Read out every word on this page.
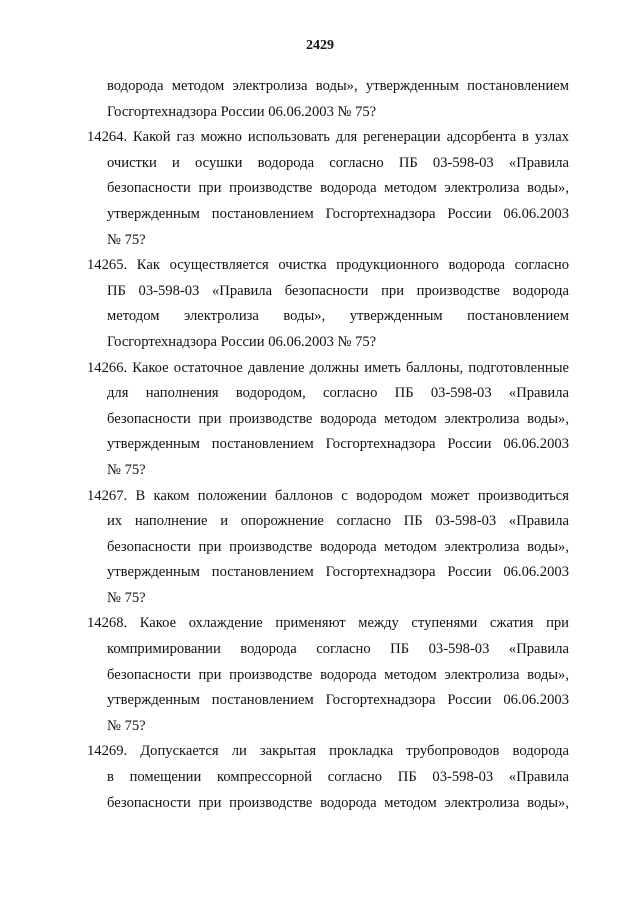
2429
водорода методом электролиза воды», утвержденным постановлением
Госгортехнадзора России 06.06.2003 № 75?
14264. Какой газ можно использовать для регенерации адсорбента в узлах
очистки и осушки водорода согласно ПБ 03-598-03 «Правила
безопасности при производстве водорода методом электролиза воды»,
утвержденным постановлением Госгортехнадзора России 06.06.2003
№ 75?
14265. Как осуществляется очистка продукционного водорода согласно
ПБ 03-598-03 «Правила безопасности при производстве водорода
методом электролиза воды», утвержденным постановлением
Госгортехнадзора России 06.06.2003 № 75?
14266. Какое остаточное давление должны иметь баллоны, подготовленные
для наполнения водородом, согласно ПБ 03-598-03 «Правила
безопасности при производстве водорода методом электролиза воды»,
утвержденным постановлением Госгортехнадзора России 06.06.2003
№ 75?
14267. В каком положении баллонов с водородом может производиться
их наполнение и опорожнение согласно ПБ 03-598-03 «Правила
безопасности при производстве водорода методом электролиза воды»,
утвержденным постановлением Госгортехнадзора России 06.06.2003
№ 75?
14268. Какое охлаждение применяют между ступенями сжатия при
компримировании водорода согласно ПБ 03-598-03 «Правила
безопасности при производстве водорода методом электролиза воды»,
утвержденным постановлением Госгортехнадзора России 06.06.2003
№ 75?
14269. Допускается ли закрытая прокладка трубопроводов водорода
в помещении компрессорной согласно ПБ 03-598-03 «Правила
безопасности при производстве водорода методом электролиза воды»,
